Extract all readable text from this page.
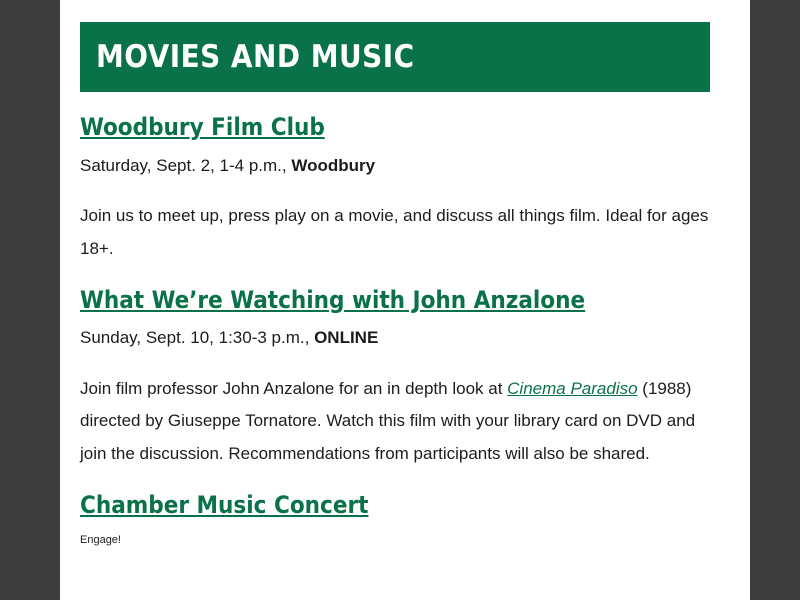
MOVIES AND MUSIC
Woodbury Film Club
Saturday, Sept. 2, 1-4 p.m., Woodbury
Join us to meet up, press play on a movie, and discuss all things film. Ideal for ages 18+.
What We’re Watching with John Anzalone
Sunday, Sept. 10, 1:30-3 p.m., ONLINE
Join film professor John Anzalone for an in depth look at Cinema Paradiso (1988) directed by Giuseppe Tornatore. Watch this film with your library card on DVD and join the discussion. Recommendations from participants will also be shared.
Chamber Music Concert
Engage!
